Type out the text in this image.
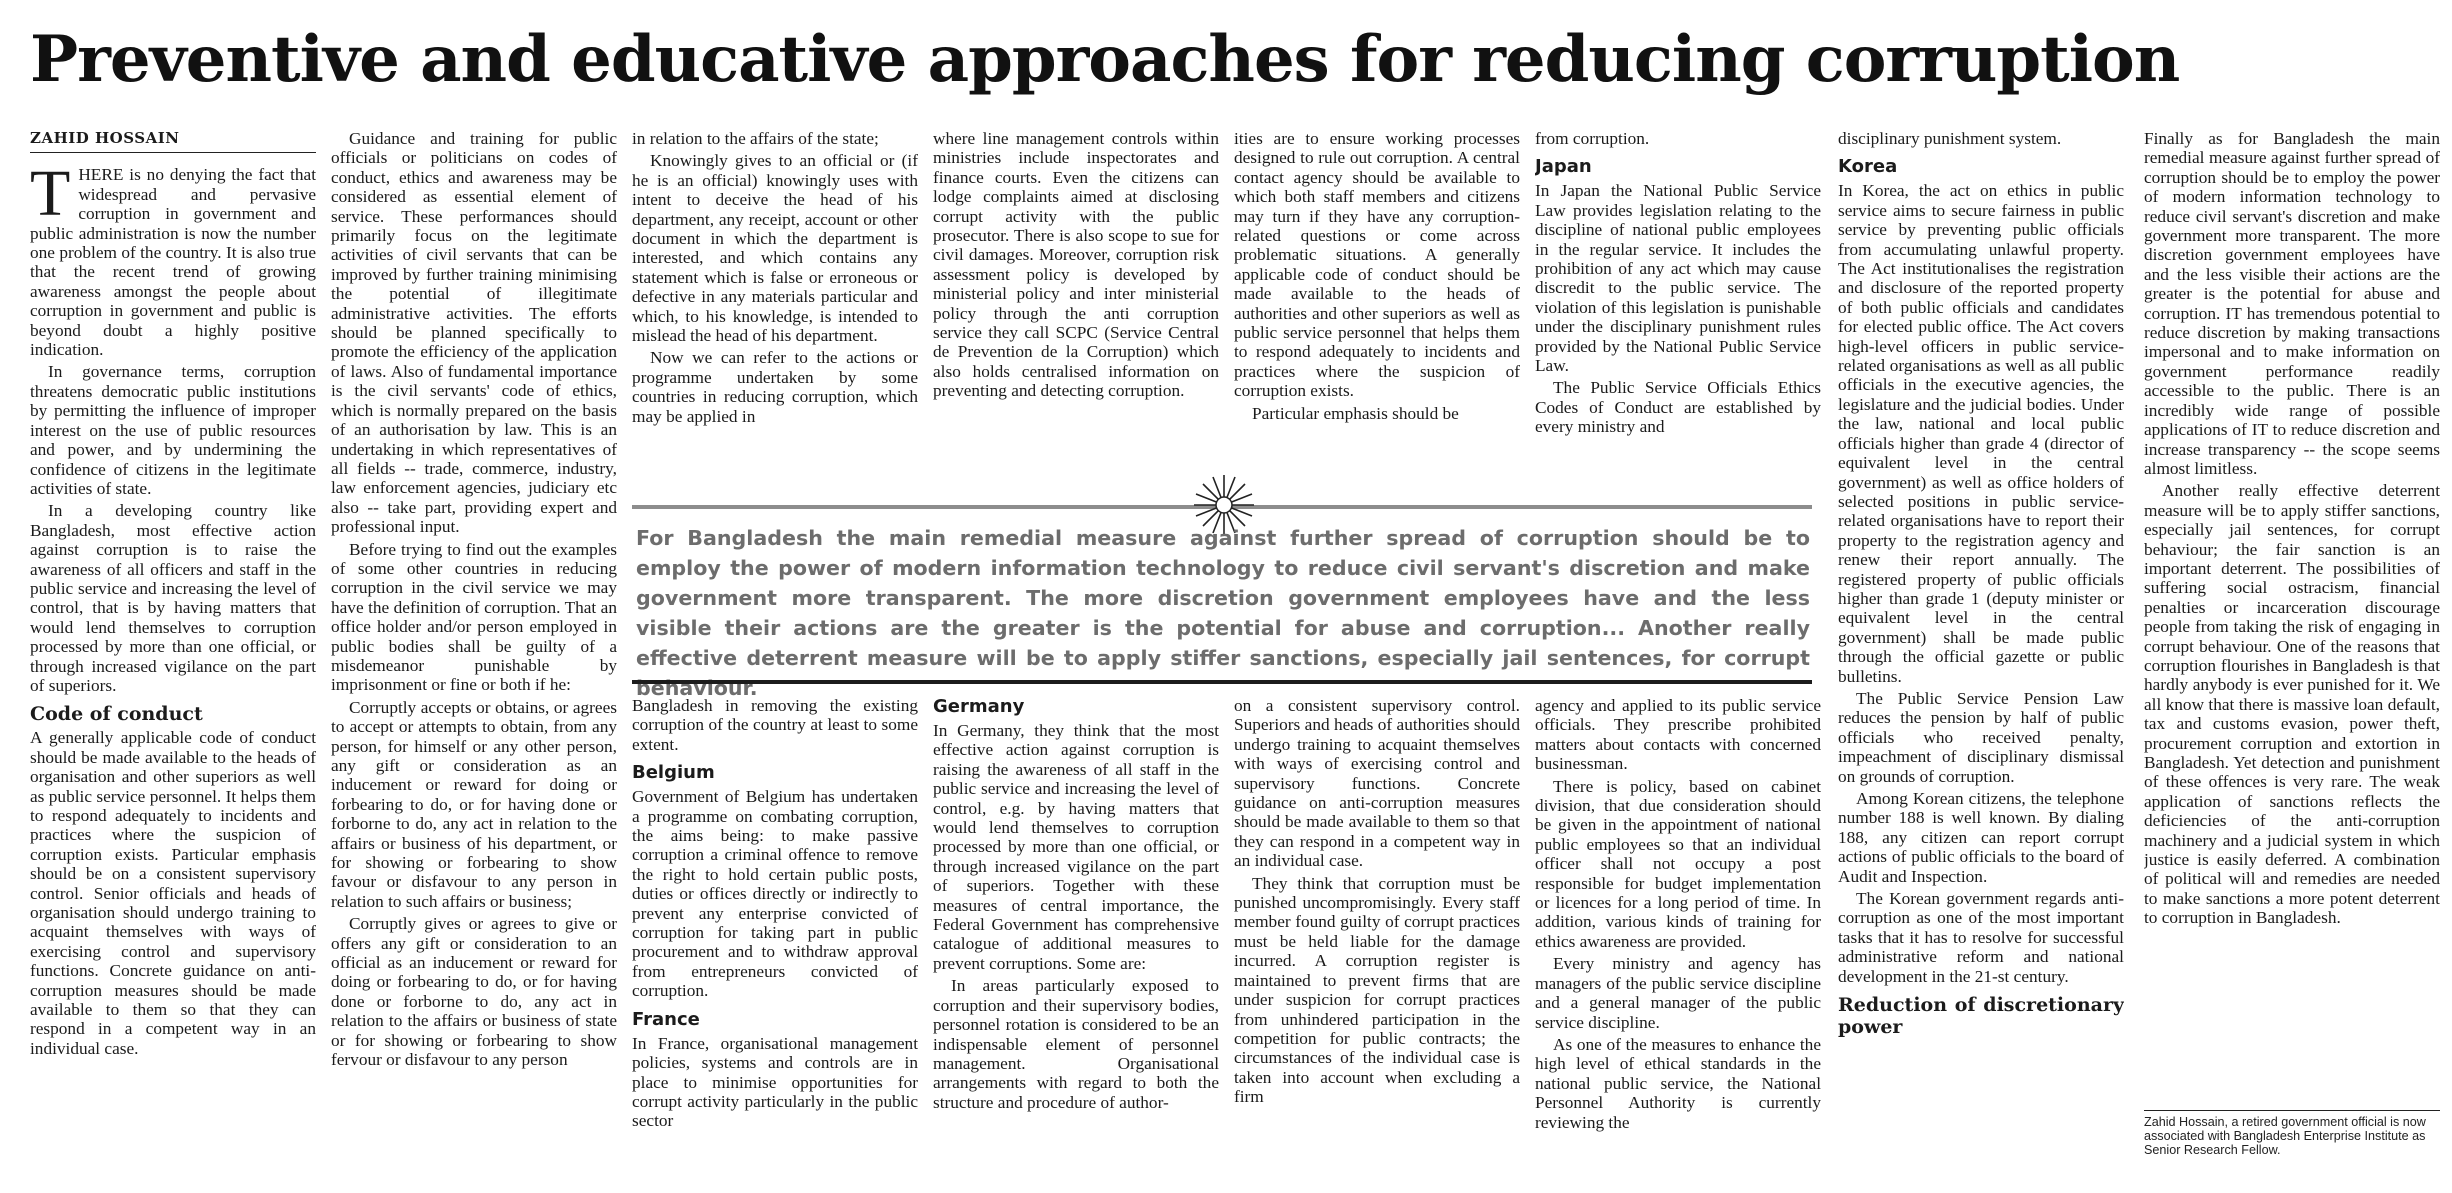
Preventive and educative approaches for reducing corruption
ZAHID HOSSAIN
T HERE is no denying the fact that widespread and pervasive corruption in government and public administration is now the number one problem of the country. It is also true that the recent trend of growing awareness amongst the people about corruption in government and public is beyond doubt a highly positive indication.

In governance terms, corruption threatens democratic public institutions by permitting the influence of improper interest on the use of public resources and power, and by undermining the confidence of citizens in the legitimate activities of state.

In a developing country like Bangladesh, most effective action against corruption is to raise the awareness of all officers and staff in the public service and increasing the level of control, that is by having matters that would lend themselves to corruption processed by more than one official, or through increased vigilance on the part of superiors.

Code of conduct

A generally applicable code of conduct should be made available to the heads of organisation and other superiors as well as public service personnel. It helps them to respond adequately to incidents and practices where the suspicion of corruption exists. Particular emphasis should be on a consistent supervisory control. Senior officials and heads of organisation should undergo training to acquaint themselves with ways of exercising control and supervisory functions. Concrete guidance on anti-corruption measures should be made available to them so that they can respond in a competent way in an individual case.

Guidance and training for public officials or politicians on codes of conduct, ethics and awareness may be considered as essential element of service. These performances should primarily focus on the legitimate activities of civil servants that can be improved by further training minimising the potential of illegitimate administrative activities. The efforts should be planned specifically to promote the efficiency of the application of laws. Also of fundamental importance is the civil servants' code of ethics, which is normally prepared on the basis of an authorisation by law. This is an undertaking in which representatives of all fields -- trade, commerce, industry, law enforcement agencies, judiciary etc also -- take part, providing expert and professional input.

Before trying to find out the examples of some other countries in reducing corruption in the civil service we may have the definition of corruption. That an office holder and/or person employed in public bodies shall be guilty of a misdemeanor punishable by imprisonment or fine or both if he:

Corruptly accepts or obtains, or agrees to accept or attempts to obtain, from any person, for himself or any other person, any gift or consideration as an inducement or reward for doing or forbearing to do, or for having done or forborne to do, any act in relation to the affairs or business of his department, or for showing or forbearing to show favour or disfavour to any person in relation to such affairs or business;

Corruptly gives or agrees to give or offers any gift or consideration to an official as an inducement or reward for doing or forbearing to do, or for having done or forborne to do, any act in relation to the affairs or business of state or for showing or forbearing to show fervour or disfavour to any person

in relation to the affairs of the state;

Knowingly gives to an official or (if he is an official) knowingly uses with intent to deceive the head of his department, any receipt, account or other document in which the department is interested, and which contains any statement which is false or erroneous or defective in any materials particular and which, to his knowledge, is intended to mislead the head of his department.

Now we can refer to the actions or programme undertaken by some countries in reducing corruption, which may be applied in

where line management controls within ministries include inspectorates and finance courts. Even the citizens can lodge complaints aimed at disclosing corrupt activity with the public prosecutor. There is also scope to sue for civil damages. Moreover, corruption risk assessment policy is developed by ministerial policy and inter ministerial policy through the anti corruption service they call SCPC (Service Central de Prevention de la Corruption) which also holds centralised information on preventing and detecting corruption.

ities are to ensure working processes designed to rule out corruption. A central contact agency should be available to which both staff members and citizens may turn if they have any corruption-related questions or come across problematic situations. A generally applicable code of conduct should be made available to the heads of authorities and other superiors as well as public service personnel that helps them to respond adequately to incidents and practices where the suspicion of corruption exists.

Particular emphasis should be

from corruption.

Japan

In Japan the National Public Service Law provides legislation relating to the discipline of national public employees in the regular service. It includes the prohibition of any act which may cause discredit to the public service. The violation of this legislation is punishable under the disciplinary punishment rules provided by the National Public Service Law.

The Public Service Officials Ethics Codes of Conduct are established by every ministry and

For Bangladesh the main remedial measure against further spread of corruption should be to employ the power of modern information technology to reduce civil servant's discretion and make government more transparent. The more discretion government employees have and the less visible their actions are the greater is the potential for abuse and corruption... Another really effective deterrent measure will be to apply stiffer sanctions, especially jail sentences, for corrupt behaviour.

Bangladesh in removing the existing corruption of the country at least to some extent.

Belgium

Government of Belgium has undertaken a programme on combating corruption, the aims being: to make passive corruption a criminal offence to remove the right to hold certain public posts, duties or offices directly or indirectly to prevent any enterprise convicted of corruption for taking part in public procurement and to withdraw approval from entrepreneurs convicted of corruption.

France

In France, organisational management policies, systems and controls are in place to minimise opportunities for corrupt activity particularly in the public sector

Germany

In Germany, they think that the most effective action against corruption is raising the awareness of all staff in the public service and increasing the level of control, e.g. by having matters that would lend themselves to corruption processed by more than one official, or through increased vigilance on the part of superiors. Together with these measures of central importance, the Federal Government has comprehensive catalogue of additional measures to prevent corruptions. Some are:

In areas particularly exposed to corruption and their supervisory bodies, personnel rotation is considered to be an indispensable element of personnel management. Organisational arrangements with regard to both the structure and procedure of author-

on a consistent supervisory control. Superiors and heads of authorities should undergo training to acquaint themselves with ways of exercising control and supervisory functions. Concrete guidance on anti-corruption measures should be made available to them so that they can respond in a competent way in an individual case.

They think that corruption must be punished uncompromisingly. Every staff member found guilty of corrupt practices must be held liable for the damage incurred. A corruption register is maintained to prevent firms that are under suspicion for corrupt practices from unhindered participation in the competition for public contracts; the circumstances of the individual case is taken into account when excluding a firm

agency and applied to its public service officials. They prescribe prohibited matters about contacts with concerned businessman.

There is policy, based on cabinet division, that due consideration should be given in the appointment of national public employees so that an individual officer shall not occupy a post responsible for budget implementation or licences for a long period of time. In addition, various kinds of training for ethics awareness are provided.

Every ministry and agency has managers of the public service discipline and a general manager of the public service discipline.

As one of the measures to enhance the high level of ethical standards in the national public service, the National Personnel Authority is currently reviewing the

disciplinary punishment system.

Korea

In Korea, the act on ethics in public service aims to secure fairness in public service by preventing public officials from accumulating unlawful property. The Act institutionalises the registration and disclosure of the reported property of both public officials and candidates for elected public office. The Act covers high-level officers in public service-related organisations as well as all public officials in the executive agencies, the legislature and the judicial bodies. Under the law, national and local public officials higher than grade 4 (director of equivalent level in the central government) as well as office holders of selected positions in public service-related organisations have to report their property to the registration agency and renew their report annually. The registered property of public officials higher than grade 1 (deputy minister or equivalent level in the central government) shall be made public through the official gazette or public bulletins.

The Public Service Pension Law reduces the pension by half of public officials who received penalty, impeachment of disciplinary dismissal on grounds of corruption.

Among Korean citizens, the telephone number 188 is well known. By dialing 188, any citizen can report corrupt actions of public officials to the board of Audit and Inspection.

The Korean government regards anti-corruption as one of the most important tasks that it has to resolve for successful administrative reform and national development in the 21-st century.

Reduction of discretionary power

Finally as for Bangladesh the main remedial measure against further spread of corruption should be to employ the power of modern information technology to reduce civil servant's discretion and make government more transparent. The more discretion government employees have and the less visible their actions are the greater is the potential for abuse and corruption. IT has tremendous potential to reduce discretion by making transactions impersonal and to make information on government performance readily accessible to the public. There is an incredibly wide range of possible applications of IT to reduce discretion and increase transparency -- the scope seems almost limitless.

Another really effective deterrent measure will be to apply stiffer sanctions, especially jail sentences, for corrupt behaviour; the fair sanction is an important deterrent. The possibilities of suffering social ostracism, financial penalties or incarceration discourage people from taking the risk of engaging in corrupt behaviour. One of the reasons that corruption flourishes in Bangladesh is that hardly anybody is ever punished for it. We all know that there is massive loan default, tax and customs evasion, power theft, procurement corruption and extortion in Bangladesh. Yet detection and punishment of these offences is very rare. The weak application of sanctions reflects the deficiencies of the anti-corruption machinery and a judicial system in which justice is easily deferred. A combination of political will and remedies are needed to make sanctions a more potent deterrent to corruption in Bangladesh.

Zahid Hossain, a retired government official is now associated with Bangladesh Enterprise Institute as Senior Research Fellow.
